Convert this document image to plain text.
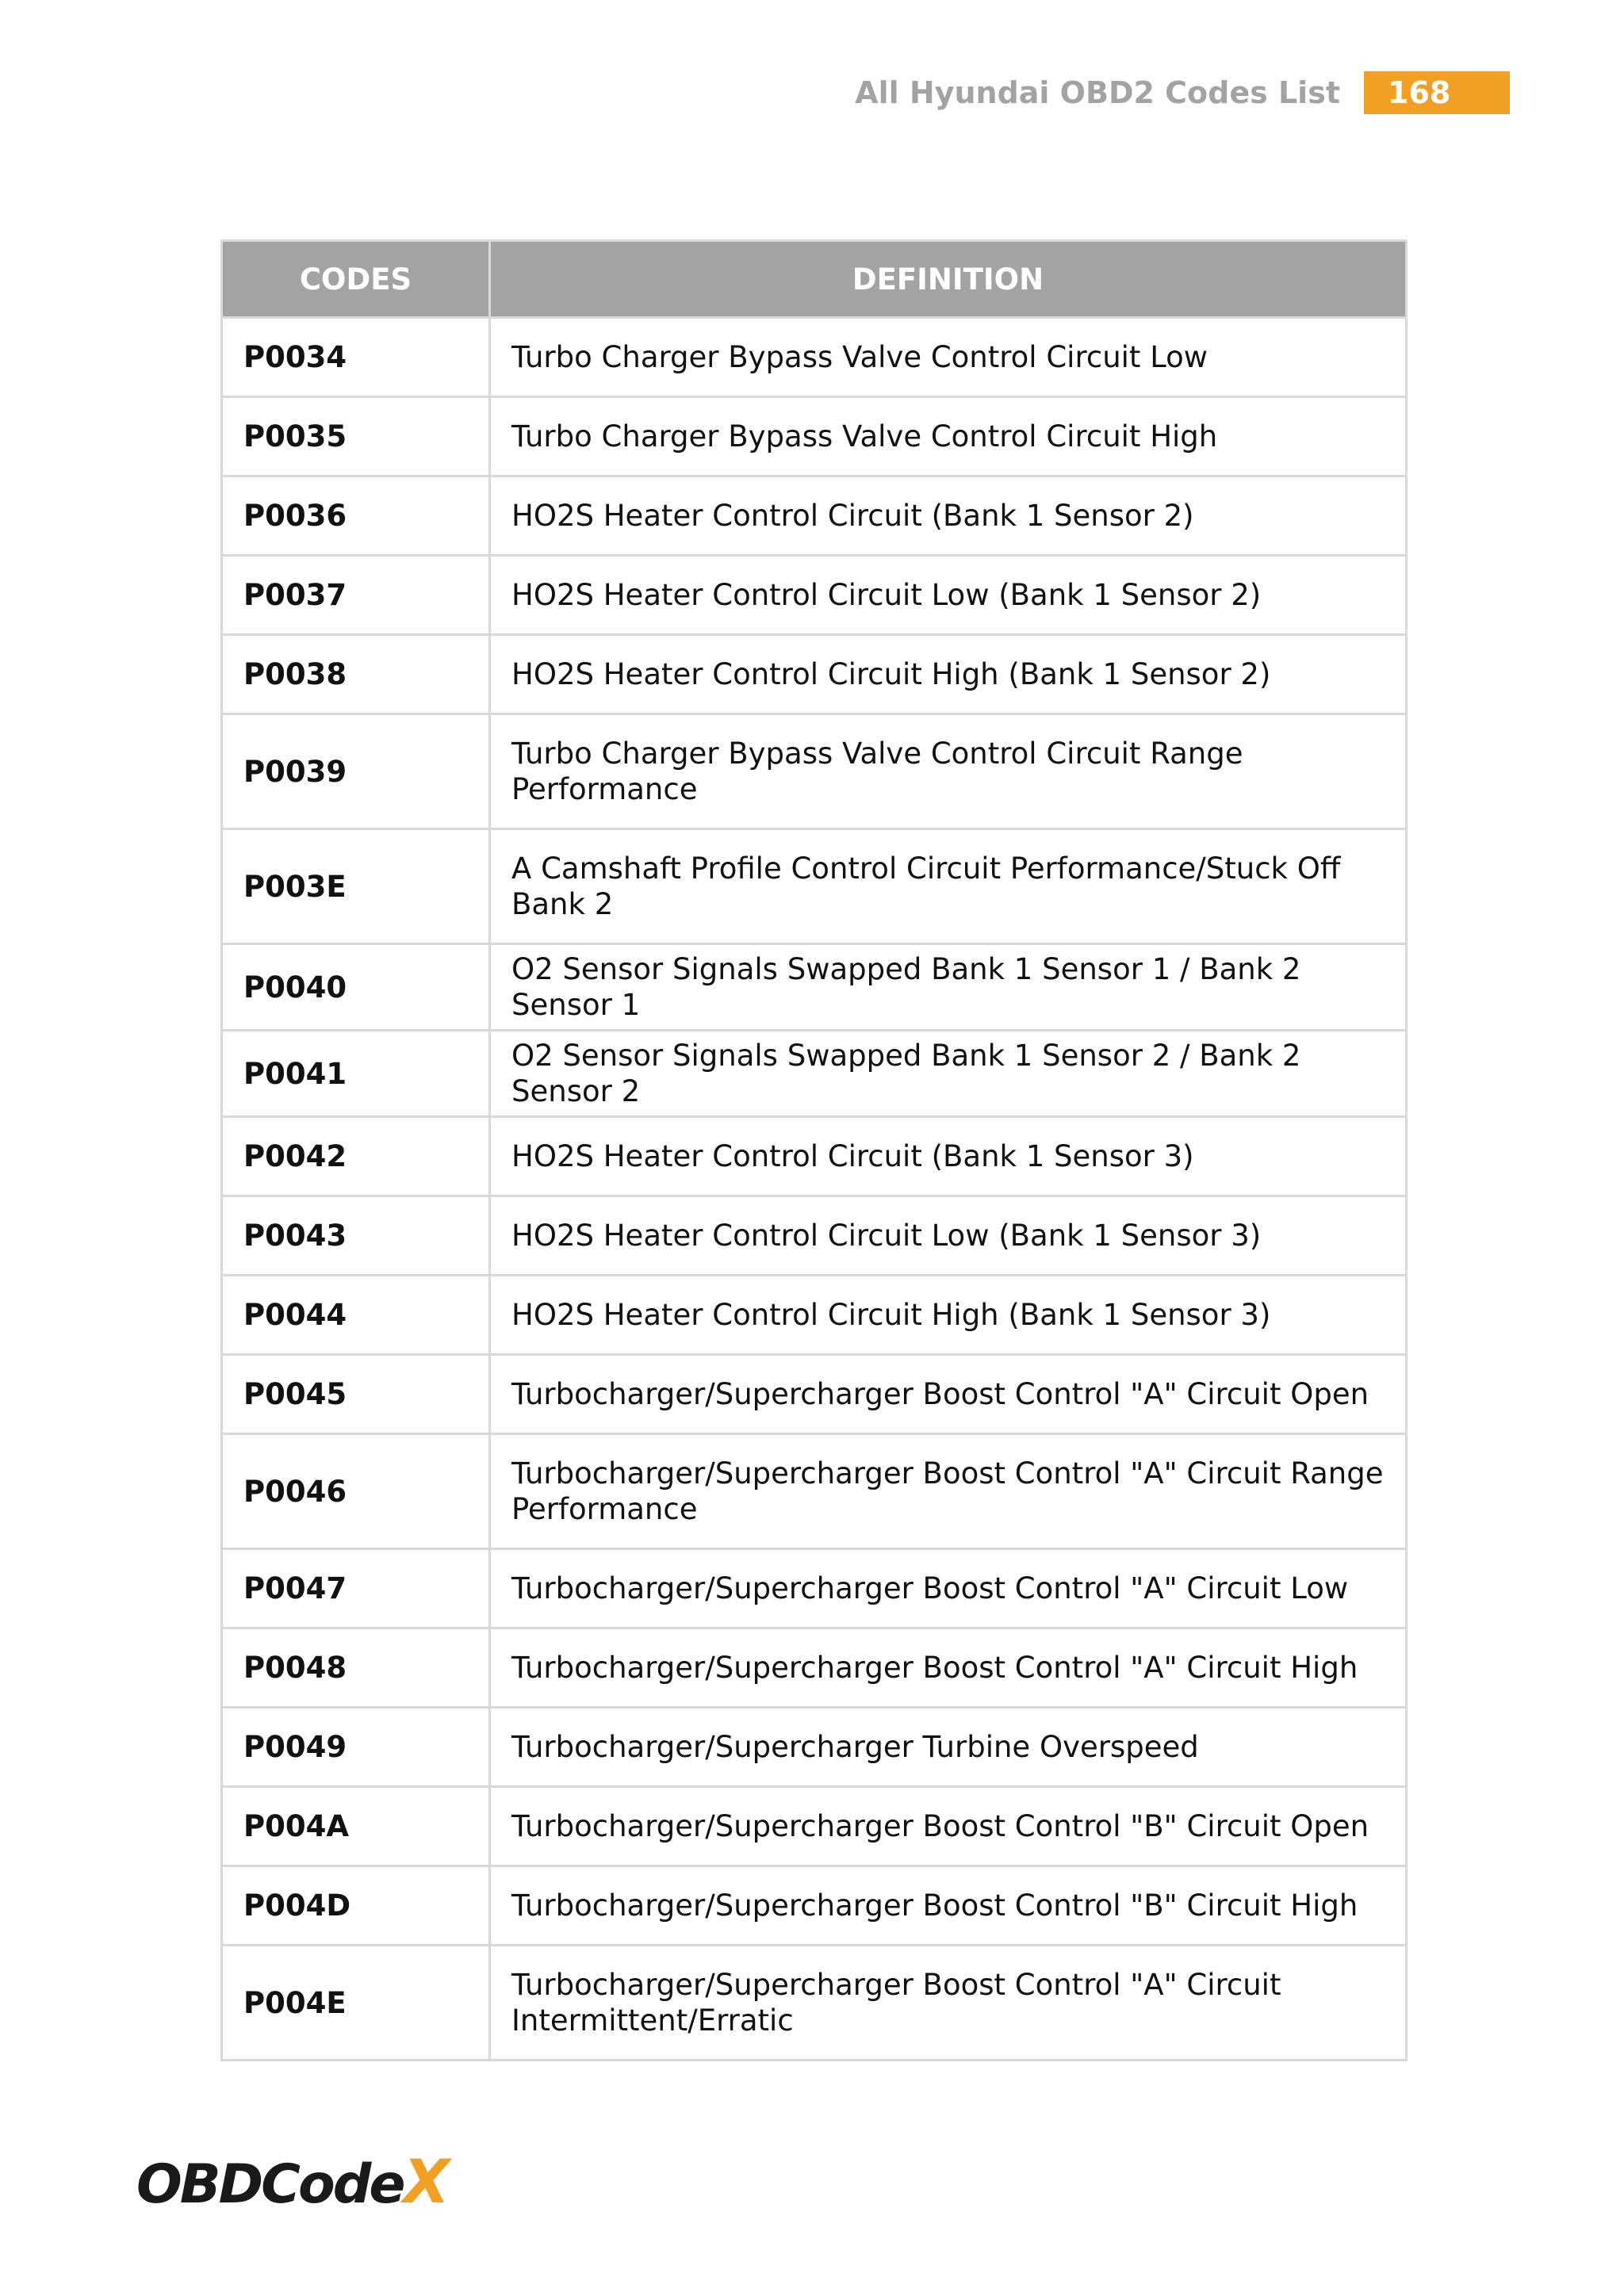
All Hyundai OBD2 Codes List	168
CODES	DEFINITION
P0034	Turbo Charger Bypass Valve Control Circuit Low
P0035	Turbo Charger Bypass Valve Control Circuit High
P0036	HO2S Heater Control Circuit (Bank 1 Sensor 2)
P0037	HO2S Heater Control Circuit Low (Bank 1 Sensor 2)
P0038	HO2S Heater Control Circuit High (Bank 1 Sensor 2)
P0039	Turbo Charger Bypass Valve Control Circuit Range Performance
P003E	A Camshaft Profile Control Circuit Performance/Stuck Off Bank 2
P0040	O2 Sensor Signals Swapped Bank 1 Sensor 1 / Bank 2 Sensor 1
P0041	O2 Sensor Signals Swapped Bank 1 Sensor 2 / Bank 2 Sensor 2
P0042	HO2S Heater Control Circuit (Bank 1 Sensor 3)
P0043	HO2S Heater Control Circuit Low (Bank 1 Sensor 3)
P0044	HO2S Heater Control Circuit High (Bank 1 Sensor 3)
P0045	Turbocharger/Supercharger Boost Control "A" Circuit Open
P0046	Turbocharger/Supercharger Boost Control "A" Circuit Range Performance
P0047	Turbocharger/Supercharger Boost Control "A" Circuit Low
P0048	Turbocharger/Supercharger Boost Control "A" Circuit High
P0049	Turbocharger/Supercharger Turbine Overspeed
P004A	Turbocharger/Supercharger Boost Control "B" Circuit Open
P004D	Turbocharger/Supercharger Boost Control "B" Circuit High
P004E	Turbocharger/Supercharger Boost Control "A" Circuit Intermittent/Erratic
OBDCode X
